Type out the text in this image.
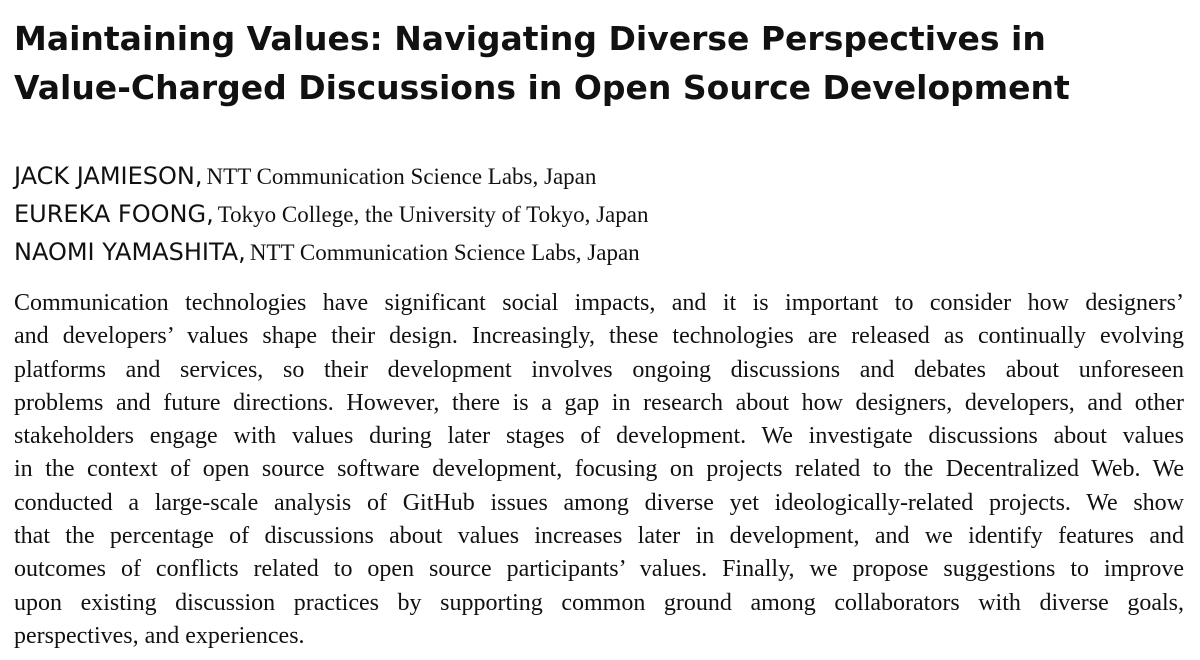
Maintaining Values: Navigating Diverse Perspectives in
Value-Charged Discussions in Open Source Development
JACK JAMIESON, NTT Communication Science Labs, Japan
EUREKA FOONG, Tokyo College, the University of Tokyo, Japan
NAOMI YAMASHITA, NTT Communication Science Labs, Japan
Communication technologies have significant social impacts, and it is important to consider how designers’
and developers’ values shape their design. Increasingly, these technologies are released as continually evolving
platforms and services, so their development involves ongoing discussions and debates about unforeseen
problems and future directions. However, there is a gap in research about how designers, developers, and other
stakeholders engage with values during later stages of development. We investigate discussions about values
in the context of open source software development, focusing on projects related to the Decentralized Web. We
conducted a large-scale analysis of GitHub issues among diverse yet ideologically-related projects. We show
that the percentage of discussions about values increases later in development, and we identify features and
outcomes of conflicts related to open source participants’ values. Finally, we propose suggestions to improve
upon existing discussion practices by supporting common ground among collaborators with diverse goals,
perspectives, and experiences.
